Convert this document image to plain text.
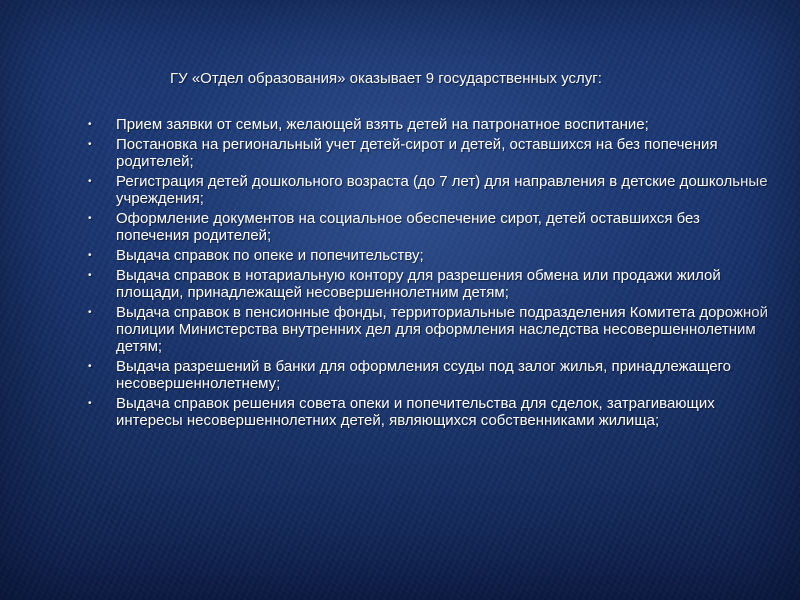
ГУ «Отдел образования» оказывает 9 государственных услуг:
• Прием заявки от семьи, желающей взять детей на патронатное воспитание;
• Постановка на региональный учет детей-сирот и детей, оставшихся на без попечения родителей;
• Регистрация детей дошкольного возраста (до 7 лет) для направления в детские дошкольные учреждения;
• Оформление документов на социальное обеспечение сирот, детей оставшихся без попечения родителей;
• Выдача справок по опеке и попечительству;
• Выдача справок в нотариальную контору для разрешения обмена или продажи жилой площади, принадлежащей несовершеннолетним детям;
• Выдача справок в пенсионные фонды, территориальные подразделения Комитета дорожной полиции Министерства внутренних дел для оформления наследства несовершеннолетним детям;
• Выдача разрешений в банки для оформления ссуды под залог жилья, принадлежащего несовершеннолетнему;
• Выдача справок решения совета опеки и попечительства для сделок, затрагивающих интересы несовершеннолетних детей, являющихся собственниками жилища;
